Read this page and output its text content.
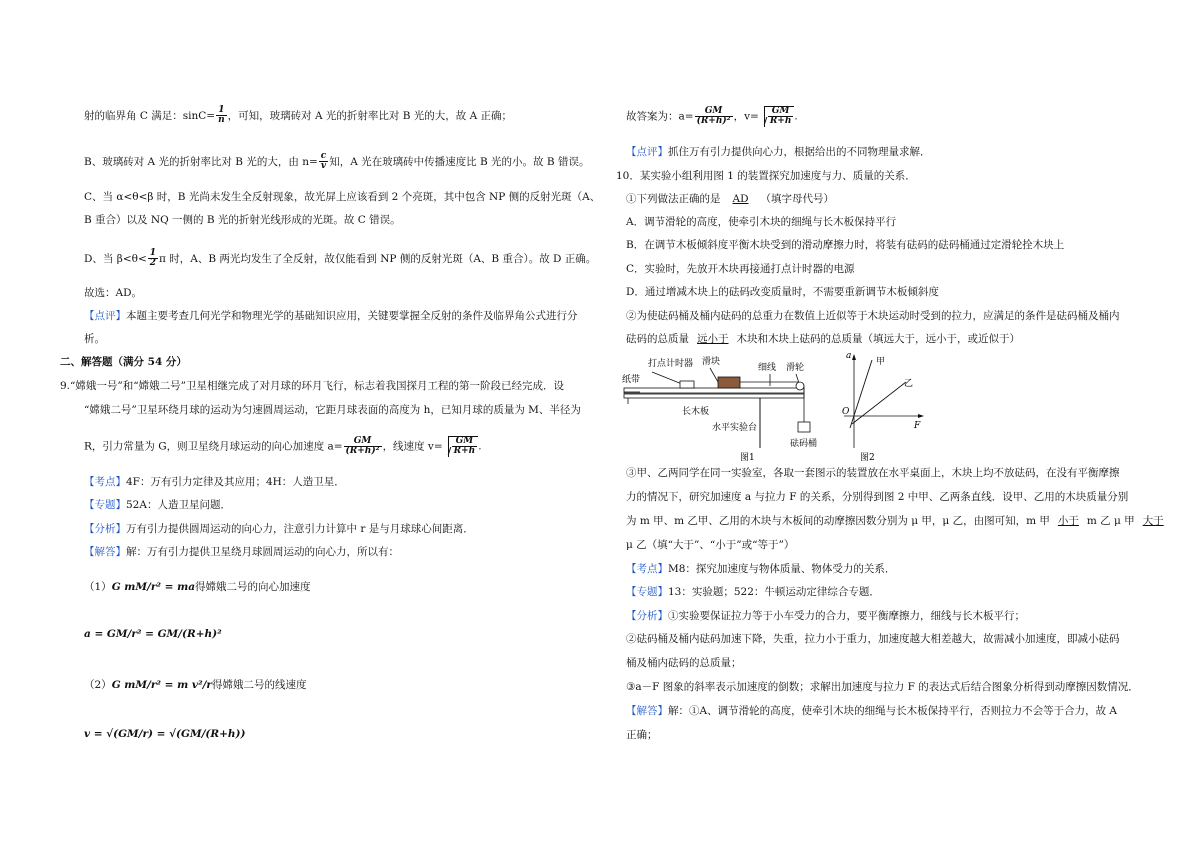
射的临界角 C 满足：$\sin C= \frac{1}{n}$ ，可知，玻璃砖对 A 光的折射率比对 B 光的大，故 A 正确；
B、玻璃砖对 A 光的折射率比对 B 光的大，由 $n= \frac{c}{v}$ 知，A 光在玻璃砖中传播速度比 B 光的小。故 B 错误。
C、当 α<θ<β 时，B 光尚未发生全反射现象，故光屏上应该看到 2 个亮斑，其中包含 NP 侧的反射光斑（A、
B 重合）以及 NQ 一侧的 B 光的折射光线形成的光斑。故 C 错误。
D、当 $\beta<\theta< \frac{1}{2}$ π 时，A、B 两光均发生了全反射，故仅能看到 NP 侧的反射光斑（A、B 重合）。故 D 正确。
故选：AD。
【点评】本题主要考查几何光学和物理光学的基础知识应用，关键要掌握全反射的条件及临界角公式进行分
析。
二、解答题（满分 54 分）
9.“嫦娥一号”和“嫦娥二号”卫星相继完成了对月球的环月飞行，标志着我国探月工程的第一阶段已经完成．设
“嫦娥二号”卫星环绕月球的运动为匀速圆周运动，它距月球表面的高度为 h，已知月球的质量为 M、半径为
R，引力常量为 G，则卫星绕月球运动的向心加速度 $a= \frac{GM}{\text{(R+h)²}}$ ，线速度 $v= \frac{GM}{R+h}$ .
【考点】4F：万有引力定律及其应用；4H：人造卫星．
【专题】52A：人造卫星问题．
【分析】万有引力提供圆周运动的向心力，注意引力计算中 r 是与月球球心间距离．
【解答】解：万有引力提供卫星绕月球圆周运动的向心力，所以有：
（1）G mM/r² = ma得嫦娥二号的向心加速度
a = GM/r² = GM/(R+h)²
（2）G mM/r² = m v²/r得嫦娥二号的线速度
v = √(GM/r) = √(GM/(R+h))
故答案为：$a= \frac{GM}{\text{(R+h)²}}$ ，$v= \frac{GM}{R+h}$ .
【点评】抓住万有引力提供向心力，根据给出的不同物理量求解．
10．某实验小组利用图 1 的装置探究加速度与力、质量的关系．
①下列做法正确的是 AD （填字母代号）
A．调节滑轮的高度，使牵引木块的细绳与长木板保持平行
B．在调节木板倾斜度平衡木块受到的滑动摩擦力时，将装有砝码的砝码桶通过定滑轮拴木块上
C．实验时，先放开木块再接通打点计时器的电源
D．通过增减木块上的砝码改变质量时，不需要重新调节木板倾斜度
②为使砝码桶及桶内砝码的总重力在数值上近似等于木块运动时受到的拉力，应满足的条件是砝码桶及桶内
砝码的总质量 远小于 木块和木块上砝码的总质量（填远大于，远小于，或近似于）
打点计时器 滑块
细线 滑轮
纸带
长木板
水平实验台
砝码桶
图1
a
甲
乙
O
F
图2
③甲、乙两同学在同一实验室，各取一套图示的装置放在水平桌面上，木块上均不放砝码，在没有平衡摩擦
力的情况下，研究加速度 a 与拉力 F 的关系，分别得到图 2 中甲、乙两条直线．设甲、乙用的木块质量分别
为 m 甲、m 乙甲、乙用的木块与木板间的动摩擦因数分别为 μ 甲，μ 乙，由图可知，m 甲 小于 m 乙 μ 甲 大于
μ 乙（填“大于”、“小于”或“等于”）
【考点】M8：探究加速度与物体质量、物体受力的关系．
【专题】13：实验题；522：牛顿运动定律综合专题．
【分析】①实验要保证拉力等于小车受力的合力，要平衡摩擦力，细线与长木板平行；
②砝码桶及桶内砝码加速下降，失重，拉力小于重力，加速度越大相差越大，故需减小加速度，即减小砝码
桶及桶内砝码的总质量；
③a－F 图象的斜率表示加速度的倒数；求解出加速度与拉力 F 的表达式后结合图象分析得到动摩擦因数情况．
【解答】解：①A、调节滑轮的高度，使牵引木块的细绳与长木板保持平行，否则拉力不会等于合力，故 A
正确；
